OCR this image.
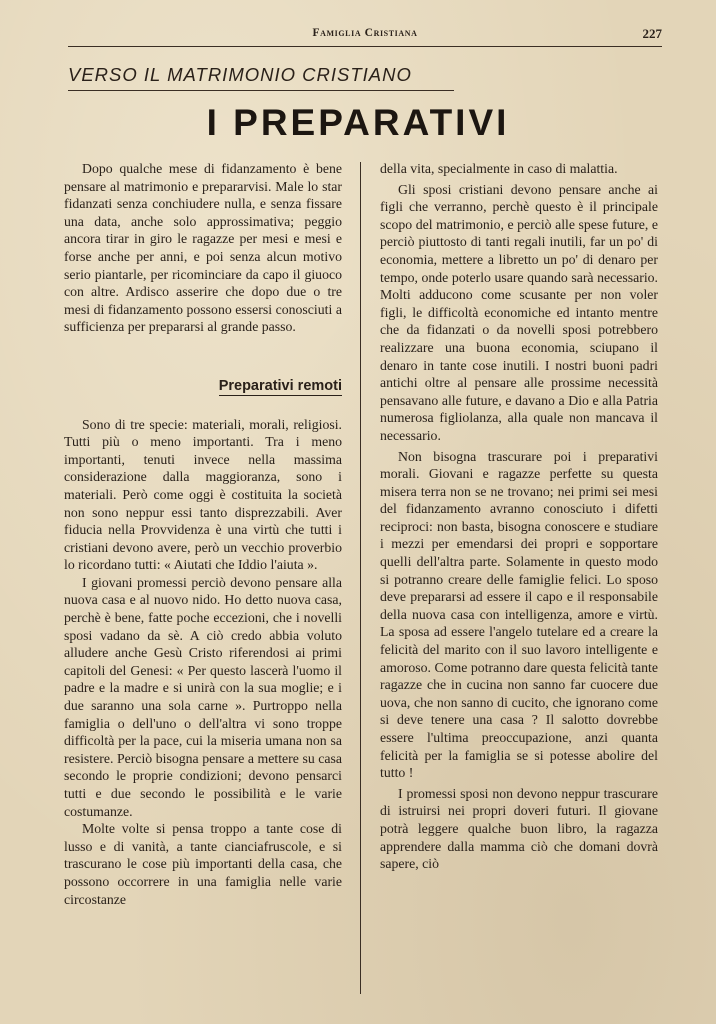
Famiglia Cristiana	227
VERSO IL MATRIMONIO CRISTIANO
I PREPARATIVI

Dopo qualche mese di fidanzamento è bene pensare al matrimonio e prepararvisi. Male lo star fidanzati senza conchiudere nulla, e senza fissare una data, anche solo approssimativa; peggio ancora tirar in giro le ragazze per mesi e mesi e forse anche per anni, e poi senza alcun motivo serio piantarle, per ricominciare da capo il giuoco con altre. Ardisco asserire che dopo due o tre mesi di fidanzamento possono essersi conosciuti a sufficienza per prepararsi al grande passo.

Preparativi remoti

Sono di tre specie: materiali, morali, religiosi. Tutti più o meno importanti. Tra i meno importanti, tenuti invece nella massima considerazione dalla maggioranza, sono i materiali. Però come oggi è costituita la società non sono neppur essi tanto disprezzabili. Aver fiducia nella Provvidenza è una virtù che tutti i cristiani devono avere, però un vecchio proverbio lo ricordano tutti: « Aiutati che Iddio l'aiuta ».

I giovani promessi perciò devono pensare alla nuova casa e al nuovo nido. Ho detto nuova casa, perchè è bene, fatte poche eccezioni, che i novelli sposi vadano da sè. A ciò credo abbia voluto alludere anche Gesù Cristo riferendosi ai primi capitoli del Genesi: « Per questo lascerà l'uomo il padre e la madre e si unirà con la sua moglie; e i due saranno una sola carne ». Purtroppo nella famiglia o dell'uno o dell'altra vi sono troppe difficoltà per la pace, cui la miseria umana non sa resistere. Perciò bisogna pensare a mettere su casa secondo le proprie condizioni; devono pensarci tutti e due secondo le possibilità e le varie costumanze.

Molte volte si pensa troppo a tante cose di lusso e di vanità, a tante cianciafruscole, e si trascurano le cose più importanti della casa, che possono occorrere in una famiglia nelle varie circostanze

della vita, specialmente in caso di malattia.

Gli sposi cristiani devono pensare anche ai figli che verranno, perchè questo è il principale scopo del matrimonio, e perciò alle spese future, e perciò piuttosto di tanti regali inutili, far un po' di economia, mettere a libretto un po' di denaro per tempo, onde poterlo usare quando sarà necessario. Molti adducono come scusante per non voler figli, le difficoltà economiche ed intanto mentre che da fidanzati o da novelli sposi potrebbero realizzare una buona economia, sciupano il denaro in tante cose inutili. I nostri buoni padri antichi oltre al pensare alle prossime necessità pensavano alle future, e davano a Dio e alla Patria numerosa figliolanza, alla quale non mancava il necessario.

Non bisogna trascurare poi i preparativi morali. Giovani e ragazze perfette su questa misera terra non se ne trovano; nei primi sei mesi del fidanzamento avranno conosciuto i difetti reciproci: non basta, bisogna conoscere e studiare i mezzi per emendarsi dei propri e sopportare quelli dell'altra parte. Solamente in questo modo si potranno creare delle famiglie felici. Lo sposo deve prepararsi ad essere il capo e il responsabile della nuova casa con intelligenza, amore e virtù. La sposa ad essere l'angelo tutelare ed a creare la felicità del marito con il suo lavoro intelligente e amoroso. Come potranno dare questa felicità tante ragazze che in cucina non sanno far cuocere due uova, che non sanno di cucito, che ignorano come si deve tenere una casa ? Il salotto dovrebbe essere l'ultima preoccupazione, anzi quanta felicità per la famiglia se si potesse abolire del tutto !

I promessi sposi non devono neppur trascurare di istruirsi nei propri doveri futuri. Il giovane potrà leggere qualche buon libro, la ragazza apprendere dalla mamma ciò che domani dovrà sapere, ciò
